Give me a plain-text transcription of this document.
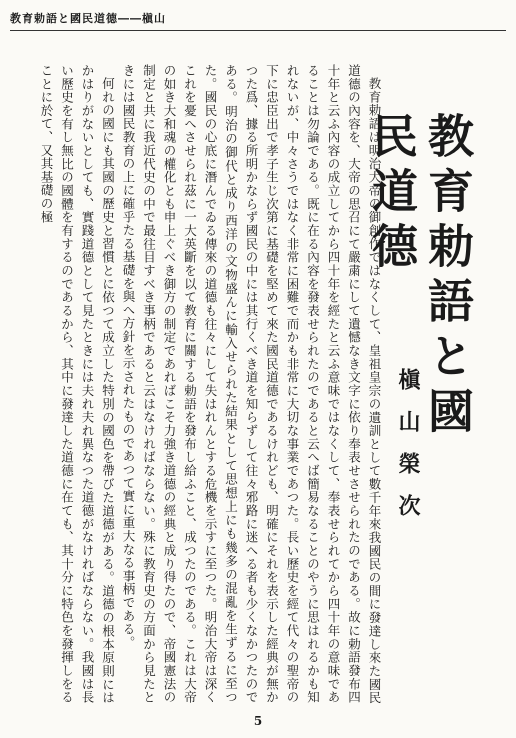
教育勅語と國民道德――槇山
教育勅語と國民道德
槇山榮次

教育勅語は明治大帝の御創作ではなくして、皇祖皇宗の遺訓として數千年來我國民の間に發達し來た國民道德の內容を、大帝の思召にて嚴粛にして遺憾なき文字に依り奉表せさせられたのである。故に勅語發布四十年と云ふ內容の成立してから四十年を經たと云ふ意味ではなくして、奉表せられてから四十年の意味であることは勿論である。既に在る內容を發表せられたのであると云へば簡易なることのやうに思はれるかも知れないが、中々さうではなく非常に困難で而かも非常に大切な事業であつた。長い歷史を經て代々の聖帝の下に忠臣出で孝子生じ次第に基礎を堅めて來た國民道德であるけれども、明確にそれを表示した經典が無かつた爲、據る所明かならず國民の中には其行くべき道を知らずして往々邪路に迷へる者も少くなかつたのである。明治の御代と成り西洋の文物盛んに輸入せられた結果として思想上にも幾多の混亂を生ずるに至つた。國民の心底に潛んでゐる傳來の道德も往々にして失はれんとする危機を示すに至つた。明治大帝は深くこれを憂へさせられ茲に一大英斷を以て教育に關する勅語を發布し給ふこと、成つたのである。これは大帝の如き大和魂の權化とも申上ぐべき御方の制定であればこそ力強き道德の經典と成り得たので、帝國憲法の制定と共に我近代史の中で最往目すべき事柄であると云はなければならない。殊に教育史の方面から見たときには國民教育の上に確乎たる基礎を與へ方針を示されたものであつて實に重大なる事柄である。

何れの國にも其國の歷史と習慣とに依つて成立した特別の國色を帶びた道德がある。道德の根本原則にはかはりがないとしても、實踐道德として見たときには夫れ夫れ異なつた道德がなければならない。我國は長い歷史を有し無比の國體を有するのであるから、其中に發達した道德に在ても、其十分に特色を發揮しをることに於て、又其基礎の極

5
